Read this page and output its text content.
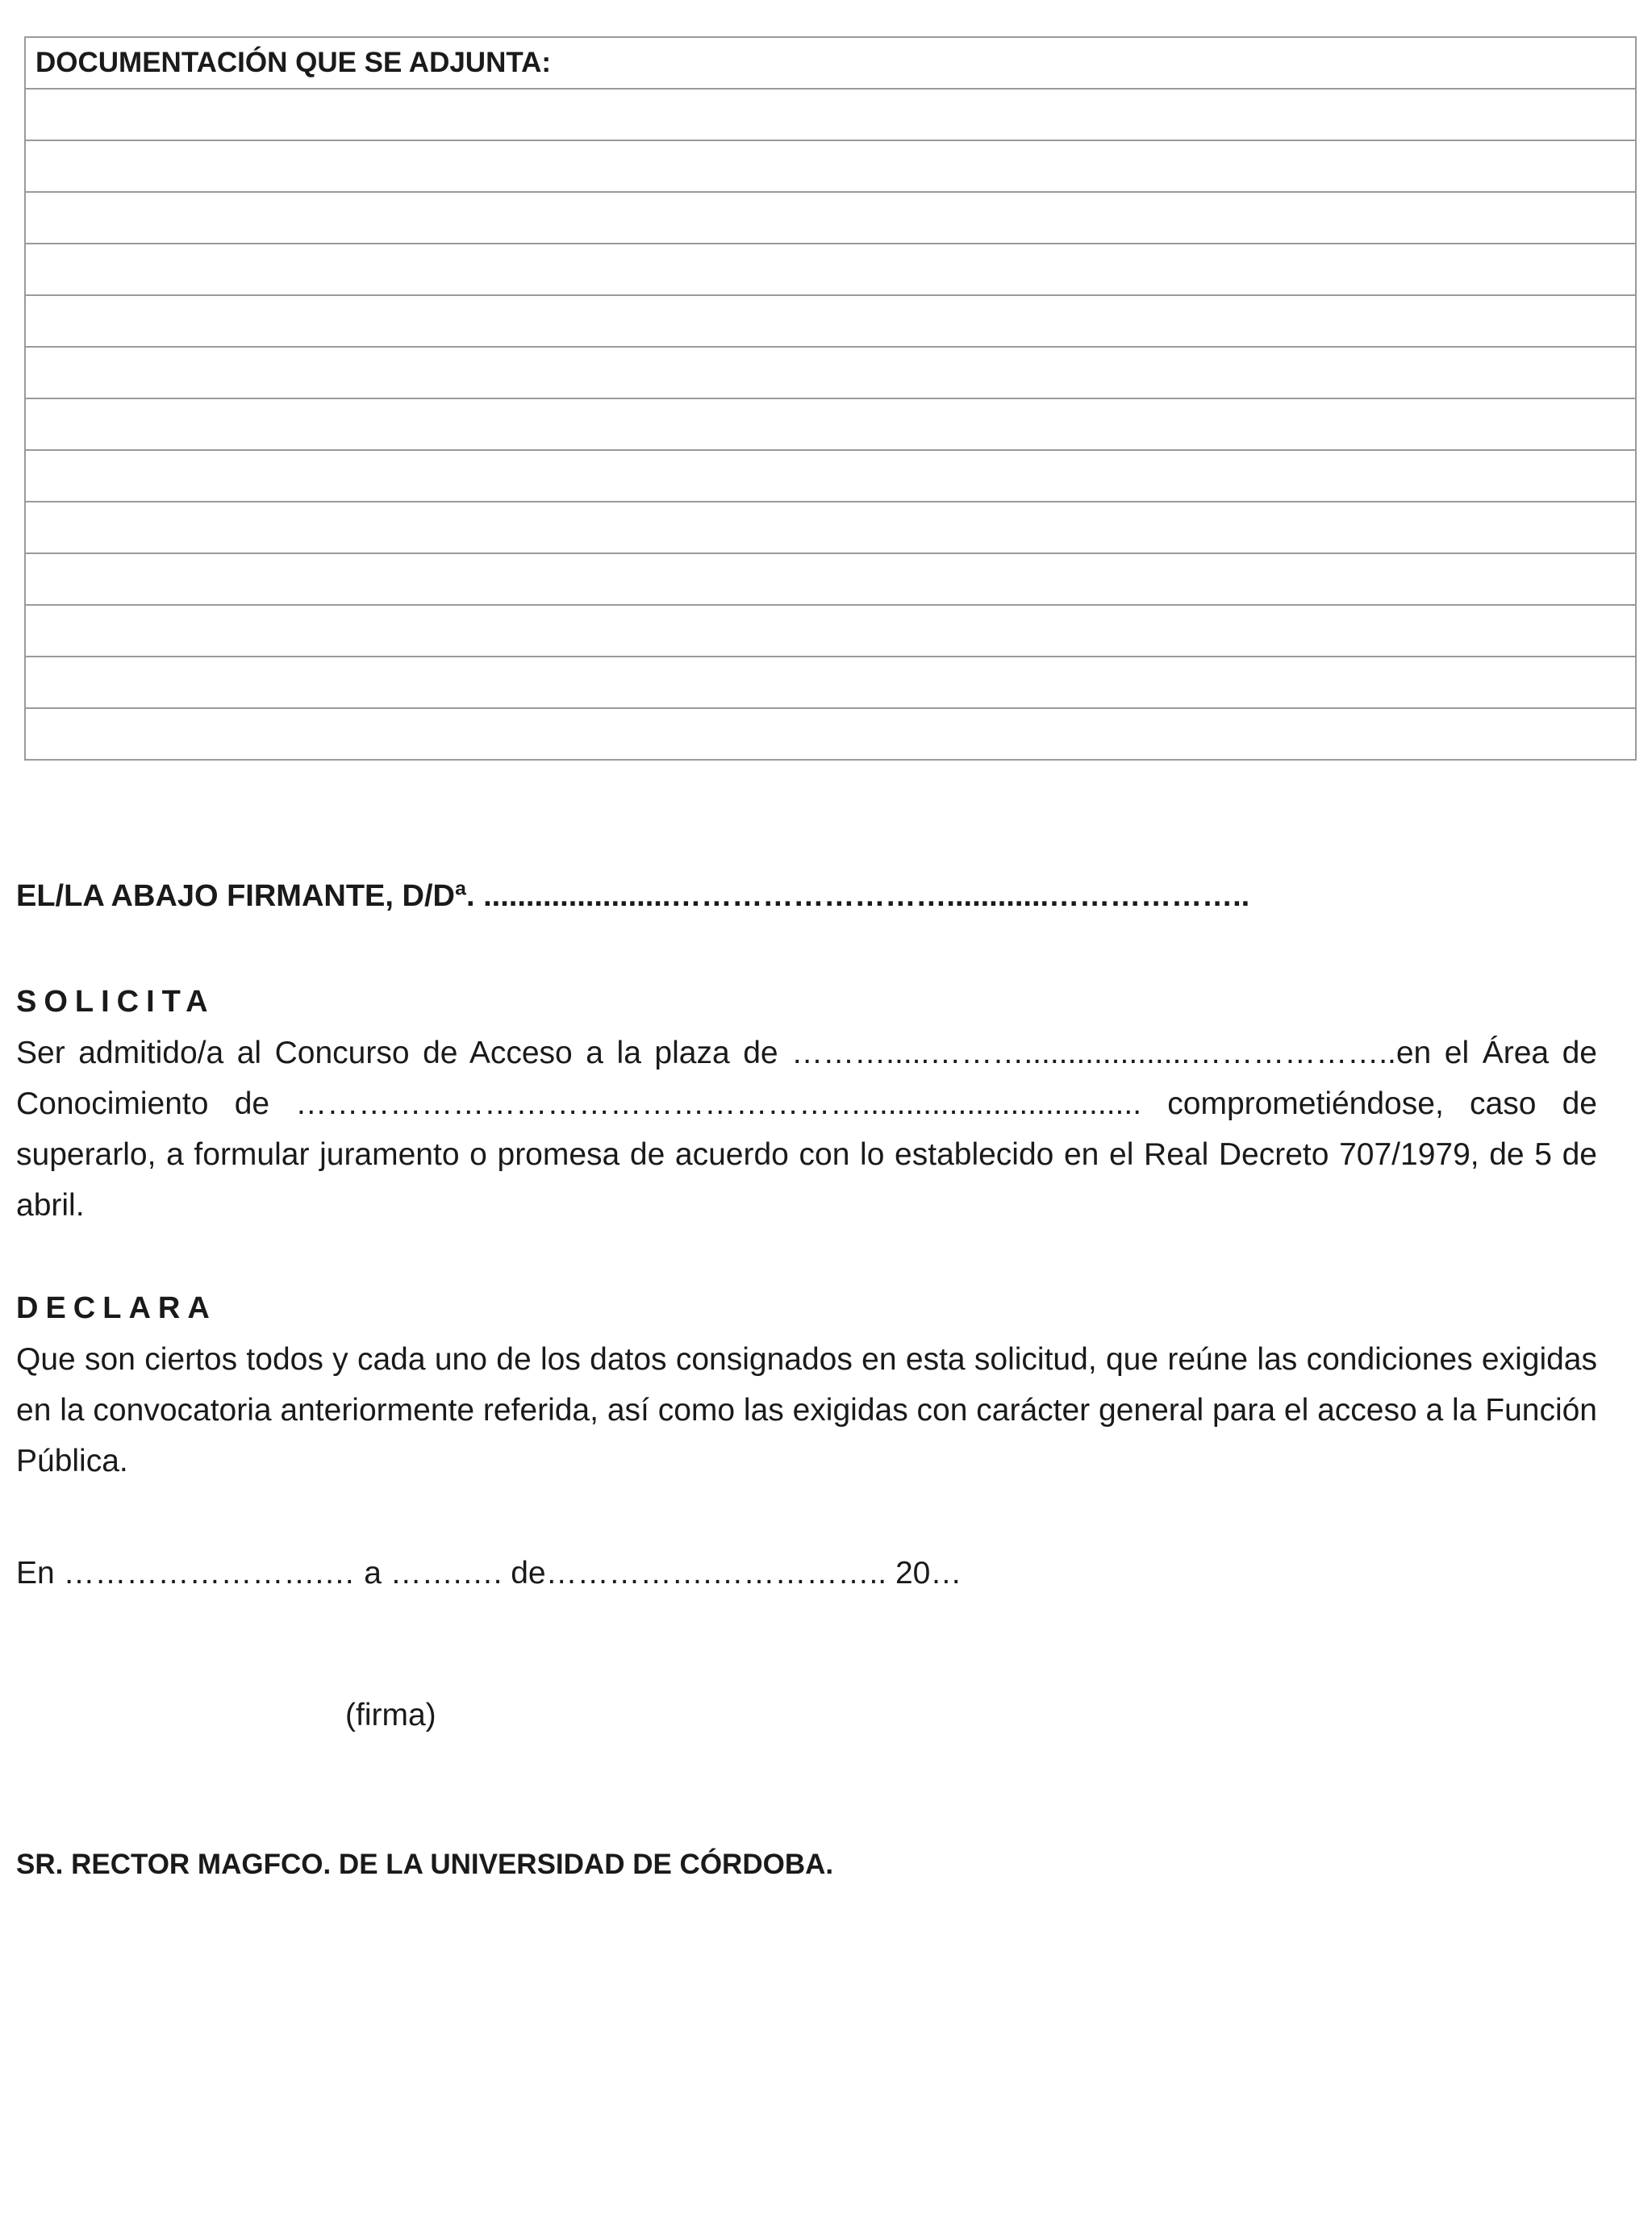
DOCUMENTACIÓN QUE SE ADJUNTA:

EL/LA ABAJO FIRMANTE, D/Dª. ......................………………………............………………..
SOLICITA
Ser admitido/a al Concurso de Acceso a la plaza de ……….....………...................………………..en el Área de Conocimiento de ………………………………………………................................ comprometiéndose, caso de superarlo, a formular juramento o promesa de acuerdo con lo establecido en el Real Decreto 707/1979, de 5 de abril.
DECLARA
Que son ciertos todos y cada uno de los datos consignados en esta solicitud, que reúne las condiciones exigidas en la convocatoria anteriormente referida, así como las exigidas con carácter general para el acceso a la Función Pública.
En …………………….… a …….…. de…………….…………….. 20…
(firma)
SR. RECTOR MAGFCO. DE LA UNIVERSIDAD DE CÓRDOBA.
